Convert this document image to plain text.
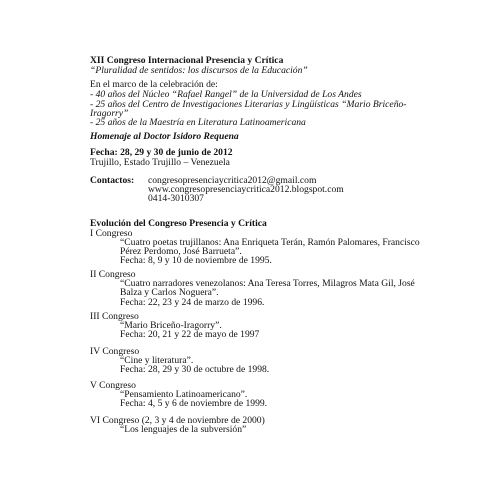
XII Congreso Internacional Presencia y Crítica
“Pluralidad de sentidos: los discursos de la Educación”
En el marco de la celebración de:
- 40 años del Núcleo “Rafael Rangel” de la Universidad de Los Andes
- 25 años del Centro de Investigaciones Literarias y Lingüísticas “Mario Briceño-
Iragorry”
- 25 años de la Maestría en Literatura Latinoamericana
Homenaje al Doctor Isidoro Requena
Fecha: 28, 29 y 30 de junio de 2012
Trujillo, Estado Trujillo – Venezuela
Contactos: congresopresenciaycritica2012@gmail.com
www.congresopresenciaycritica2012.blogspot.com
0414-3010307
Evolución del Congreso Presencia y Crítica
I Congreso
“Cuatro poetas trujillanos: Ana Enriqueta Terán, Ramón Palomares, Francisco
Pérez Perdomo, José Barrueta”.
Fecha: 8, 9 y 10 de noviembre de 1995.
II Congreso
“Cuatro narradores venezolanos: Ana Teresa Torres, Milagros Mata Gil, José
Balza y Carlos Noguera”.
Fecha: 22, 23 y 24 de marzo de 1996.
III Congreso
“Mario Briceño-Iragorry”.
Fecha: 20, 21 y 22 de mayo de 1997
IV Congreso
“Cine y literatura”.
Fecha: 28, 29 y 30 de octubre de 1998.
V Congreso
“Pensamiento Latinoamericano”.
Fecha: 4, 5 y 6 de noviembre de 1999.
VI Congreso (2, 3 y 4 de noviembre de 2000)
“Los lenguajes de la subversión”
